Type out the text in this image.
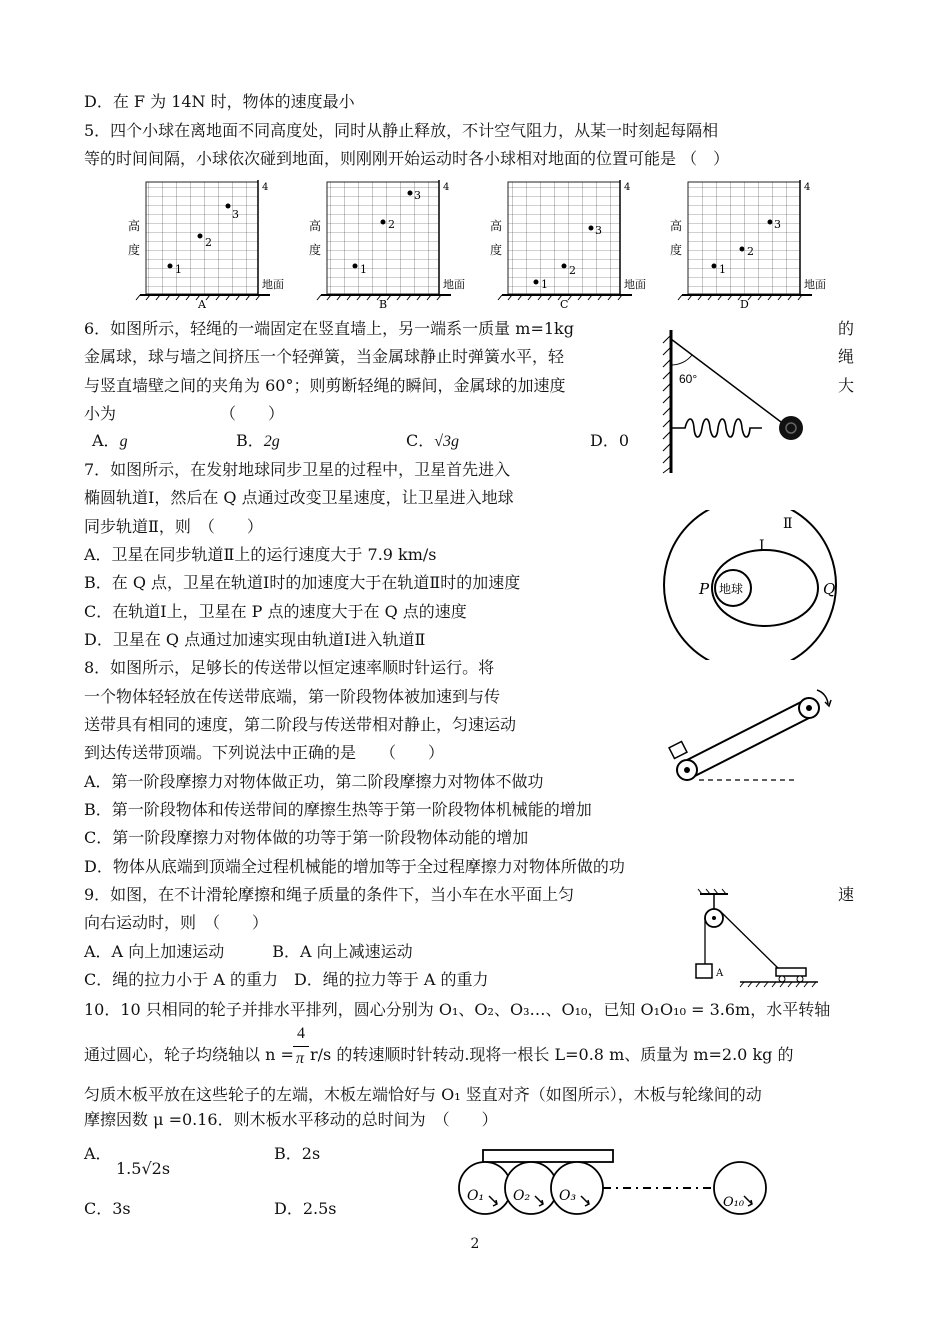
D．在 F 为 14N 时，物体的速度最小
5．四个小球在离地面不同高度处，同时从静止释放，不计空气阻力，从某一时刻起每隔相
等的时间间隔，小球依次碰到地面，则刚刚开始运动时各小球相对地面的位置可能是 （　）
1
2
3
4
高
度
地面
A
1
2
3
4
高
度
地面
B
1
2
3
4
高
度
地面
C
1
2
3
4
高
度
地面
D
6．如图所示，轻绳的一端固定在竖直墙上，另一端系一质量 m=1kg	的
金属球，球与墙之间挤压一个轻弹簧，当金属球静止时弹簧水平，轻	绳
与竖直墙壁之间的夹角为 60°；则剪断轻绳的瞬间，金属球的加速度	大
小为　　　　　　　（　　）
A．g	B．2g	C．√3g	D．0
60°
7．如图所示，在发射地球同步卫星的过程中，卫星首先进入
椭圆轨道Ⅰ，然后在 Q 点通过改变卫星速度，让卫星进入地球
同步轨道Ⅱ，则　（　　）
A．卫星在同步轨道Ⅱ上的运行速度大于 7.9 km/s
B．在 Q 点，卫星在轨道Ⅰ时的加速度大于在轨道Ⅱ时的加速度
C．在轨道Ⅰ上，卫星在 P 点的速度大于在 Q 点的速度
D．卫星在 Q 点通过加速实现由轨道Ⅰ进入轨道Ⅱ
地球
P	Q
Ⅱ
Ⅰ
8．如图所示，足够长的传送带以恒定速率顺时针运行。将
一个物体轻轻放在传送带底端，第一阶段物体被加速到与传
送带具有相同的速度，第二阶段与传送带相对静止，匀速运动
到达传送带顶端。下列说法中正确的是　　（　　）
A．第一阶段摩擦力对物体做正功，第二阶段摩擦力对物体不做功
B．第一阶段物体和传送带间的摩擦生热等于第一阶段物体机械能的增加
C．第一阶段摩擦力对物体做的功等于第一阶段物体动能的增加
D．物体从底端到顶端全过程机械能的增加等于全过程摩擦力对物体所做的功
9．如图，在不计滑轮摩擦和绳子质量的条件下，当小车在水平面上匀	速
向右运动时，则　（　　）
A．A 向上加速运动　　　B．A 向上减速运动
C．绳的拉力小于 A 的重力　D．绳的拉力等于 A 的重力	A
10．10 只相同的轮子并排水平排列，圆心分别为 O₁、O₂、O₃…、O₁₀，已知 O₁O₁₀ = 3.6m，水平转轴
通过圆心，轮子均绕轴以 n =
4
π r/s 的转速顺时针转动.现将一根长 L=0.8 m、质量为 m=2.0 kg 的
匀质木板平放在这些轮子的左端，木板左端恰好与 O₁ 竖直对齐（如图所示），木板与轮缘间的动
摩擦因数 μ =0.16．则木板水平移动的总时间为　（　　）
A．
1.5√2s
B．2s
C．3s	D．2.5s
O₁ O₂ O₃	O₁₀
2
